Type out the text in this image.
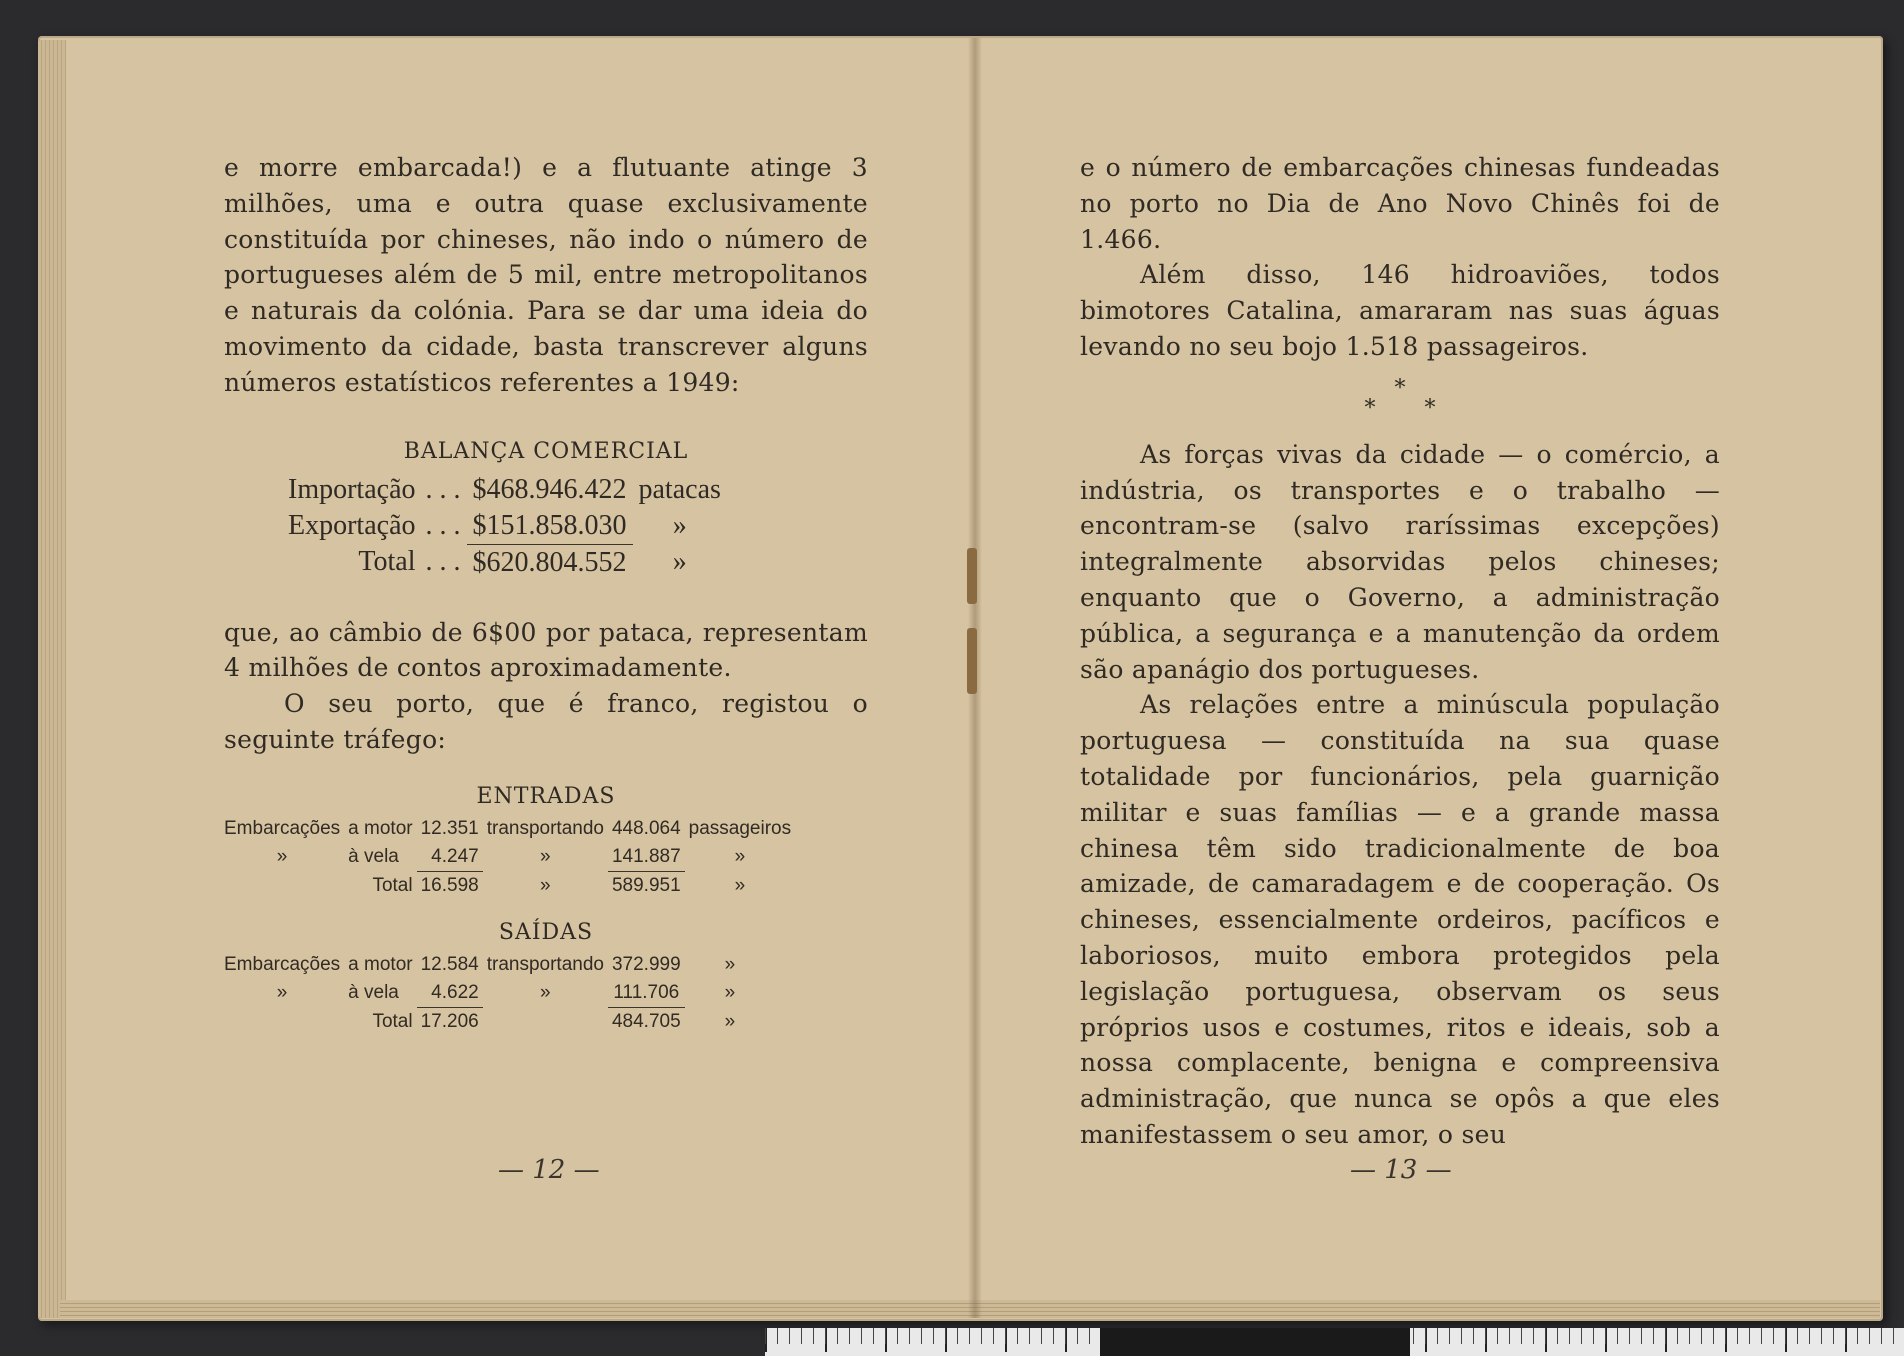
e morre embarcada!) e a flutuante atinge 3 milhões, uma e outra quase exclusivamente constituída por chineses, não indo o número de portugueses além de 5 mil, entre metropolitanos e naturais da colónia. Para se dar uma ideia do movimento da cidade, basta transcrever alguns números estatísticos referentes a 1949:

BALANÇA COMERCIAL

Importação	. . .	$468.946.422	patacas
Exportação	. . .	$151.858.030	»
Total	. . .	$620.804.552	»

que, ao câmbio de 6$00 por pataca, representam 4 milhões de contos aproximadamente.

O seu porto, que é franco, registou o seguinte tráfego:

ENTRADAS

Embarcações	a motor	12.351	transportando	448.064	passageiros
»	à vela	4.247	»	141.887	»
	Total	16.598	»	589.951	»

SAÍDAS

Embarcações	a motor	12.584	transportando	372.999	»
»	à vela	4.622	»	111.706	»
	Total	17.206		484.705	»
— 12 —

e o número de embarcações chinesas fundeadas no porto no Dia de Ano Novo Chinês foi de 1.466.

Além disso, 146 hidroaviões, todos bimotores Catalina, amararam nas suas águas levando no seu bojo 1.518 passageiros.

*
*       *

As forças vivas da cidade — o comércio, a indústria, os transportes e o trabalho — encontram-se (salvo raríssimas excepções) integralmente absorvidas pelos chineses; enquanto que o Governo, a administração pública, a segurança e a manutenção da ordem são apanágio dos portugueses.

As relações entre a minúscula população portuguesa — constituída na sua quase totalidade por funcionários, pela guarnição militar e suas famílias — e a grande massa chinesa têm sido tradicionalmente de boa amizade, de camaradagem e de cooperação. Os chineses, essencialmente ordeiros, pacíficos e laboriosos, muito embora protegidos pela legislação portuguesa, observam os seus próprios usos e costumes, ritos e ideais, sob a nossa complacente, benigna e compreensiva administração, que nunca se opôs a que eles manifestassem o seu amor, o seu

— 13 —
